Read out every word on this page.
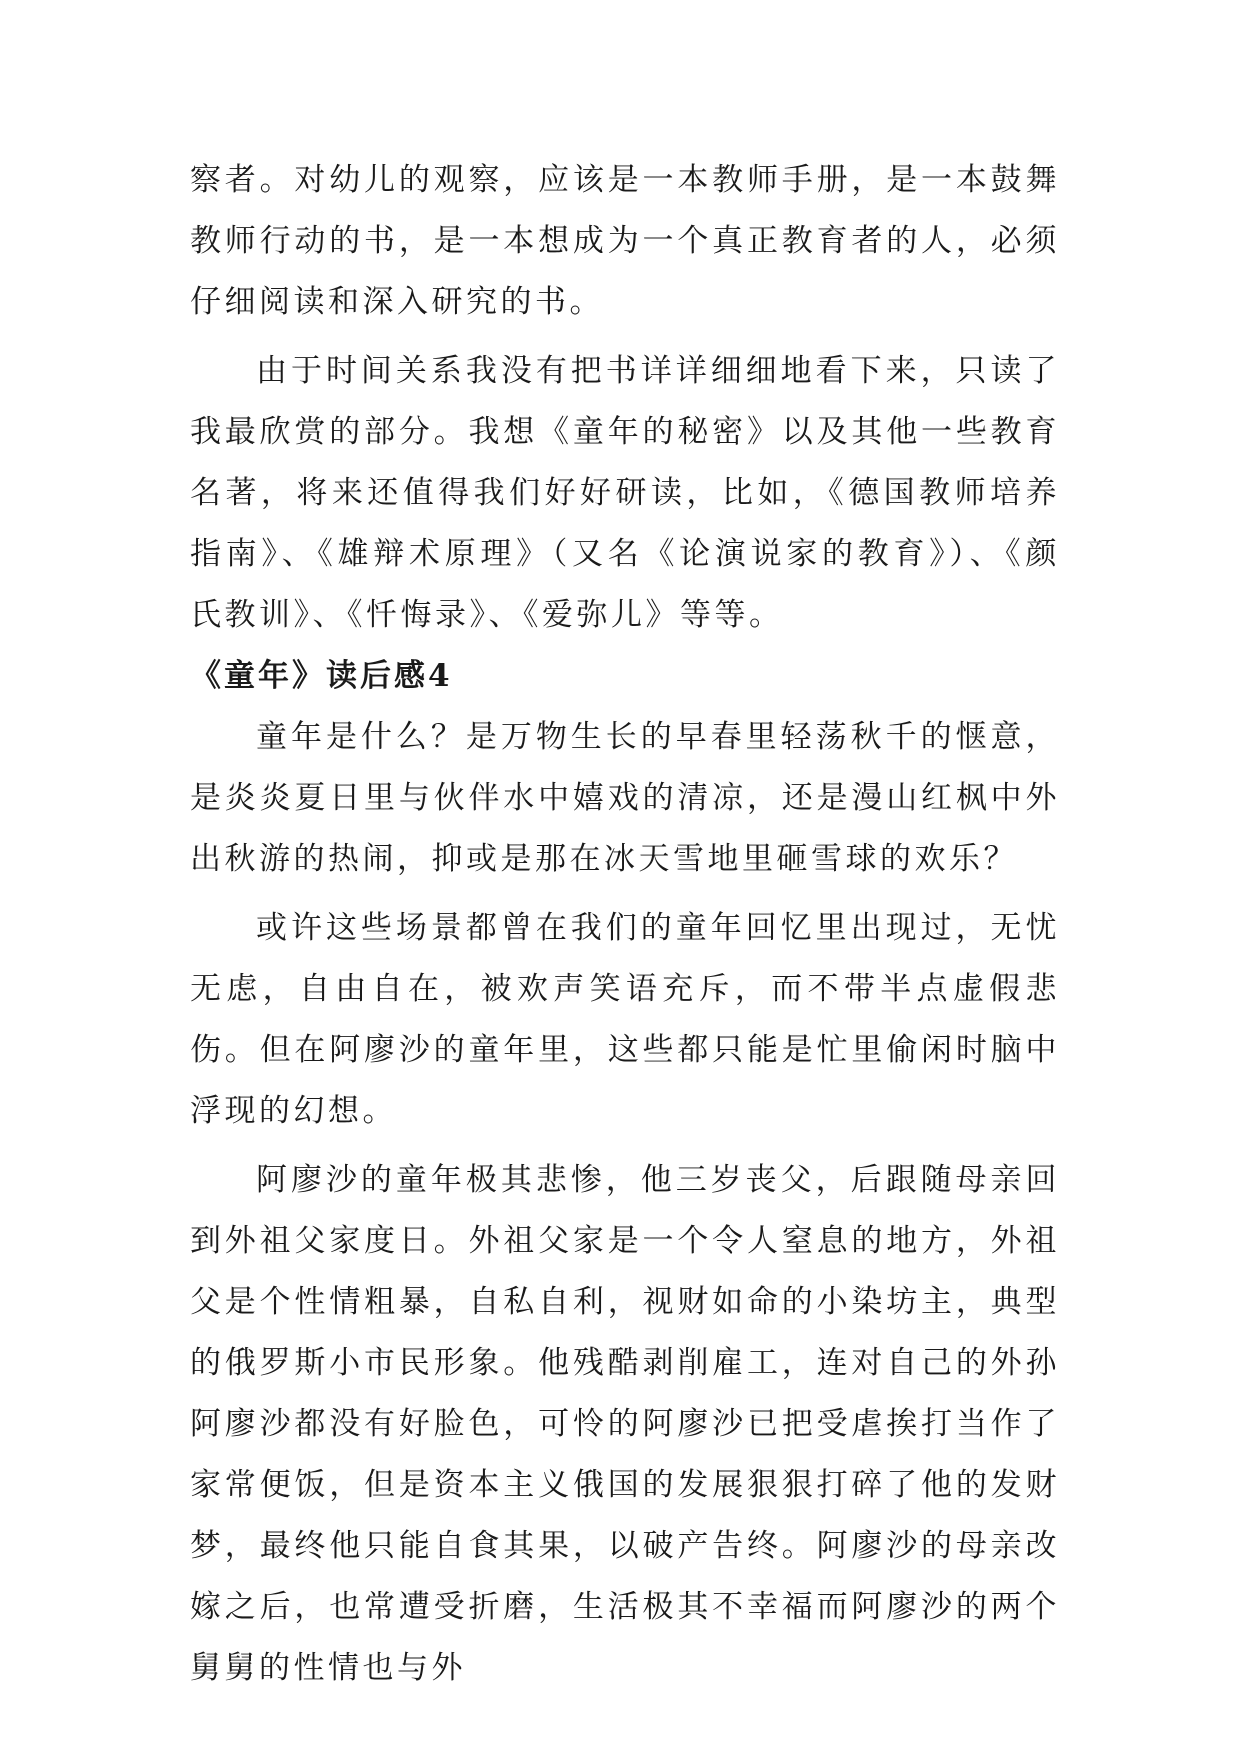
察者。对幼儿的观察，应该是一本教师手册，是一本鼓舞教师行动的书，是一本想成为一个真正教育者的人，必须仔细阅读和深入研究的书。

由于时间关系我没有把书详详细细地看下来，只读了我最欣赏的部分。我想《童年的秘密》以及其他一些教育名著，将来还值得我们好好研读，比如，《德国教师培养指南》、《雄辩术原理》（又名《论演说家的教育》）、《颜氏教训》、《忏悔录》、《爱弥儿》等等。

《童年》读后感4

童年是什么？是万物生长的早春里轻荡秋千的惬意，是炎炎夏日里与伙伴水中嬉戏的清凉，还是漫山红枫中外出秋游的热闹，抑或是那在冰天雪地里砸雪球的欢乐？

或许这些场景都曾在我们的童年回忆里出现过，无忧无虑，自由自在，被欢声笑语充斥，而不带半点虚假悲伤。但在阿廖沙的童年里，这些都只能是忙里偷闲时脑中浮现的幻想。

阿廖沙的童年极其悲惨，他三岁丧父，后跟随母亲回到外祖父家度日。外祖父家是一个令人窒息的地方，外祖父是个性情粗暴，自私自利，视财如命的小染坊主，典型的俄罗斯小市民形象。他残酷剥削雇工，连对自己的外孙阿廖沙都没有好脸色，可怜的阿廖沙已把受虐挨打当作了家常便饭，但是资本主义俄国的发展狠狠打碎了他的发财梦，最终他只能自食其果，以破产告终。阿廖沙的母亲改嫁之后，也常遭受折磨，生活极其不幸福而阿廖沙的两个舅舅的性情也与外
